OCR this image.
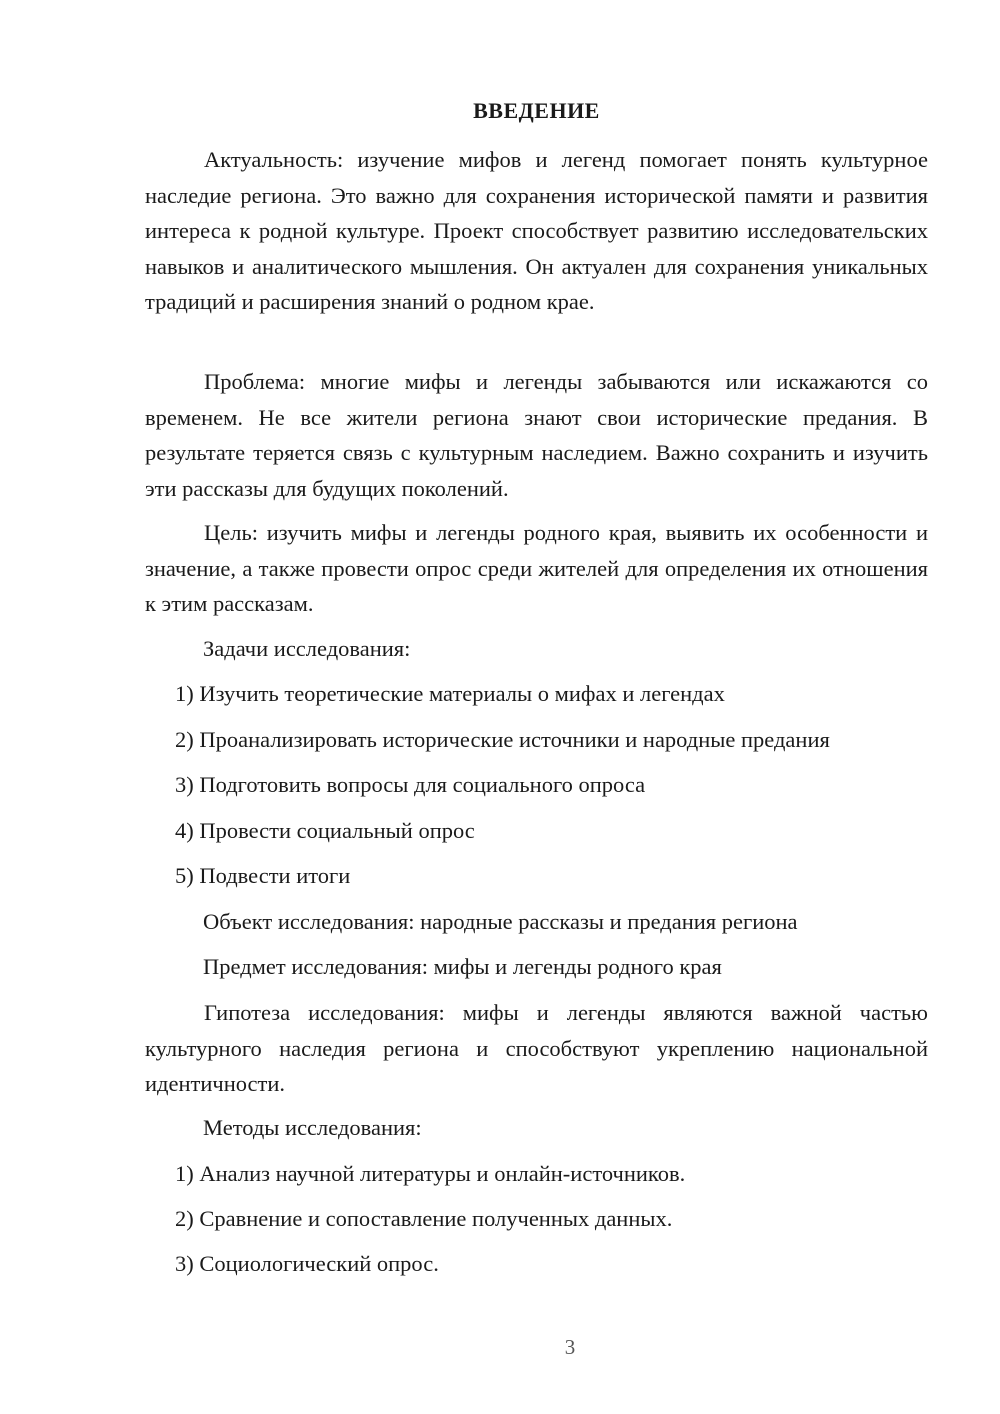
ВВЕДЕНИЕ
Актуальность: изучение мифов и легенд помогает понять культурное наследие региона. Это важно для сохранения исторической памяти и развития интереса к родной культуре. Проект способствует развитию исследовательских навыков и аналитического мышления. Он актуален для сохранения уникальных традиций и расширения знаний о родном крае.
Проблема: многие мифы и легенды забываются или искажаются со временем. Не все жители региона знают свои исторические предания. В результате теряется связь с культурным наследием. Важно сохранить и изучить эти рассказы для будущих поколений.
Цель: изучить мифы и легенды родного края, выявить их особенности и значение, а также провести опрос среди жителей для определения их отношения к этим рассказам.
Задачи исследования:
1) Изучить теоретические материалы о мифах и легендах
2) Проанализировать исторические источники и народные предания
3) Подготовить вопросы для социального опроса
4) Провести социальный опрос
5) Подвести итоги
Объект исследования: народные рассказы и предания региона
Предмет исследования: мифы и легенды родного края
Гипотеза исследования: мифы и легенды являются важной частью культурного наследия региона и способствуют укреплению национальной идентичности.
Методы исследования:
1) Анализ научной литературы и онлайн-источников.
2) Сравнение и сопоставление полученных данных.
3) Социологический опрос.
3
